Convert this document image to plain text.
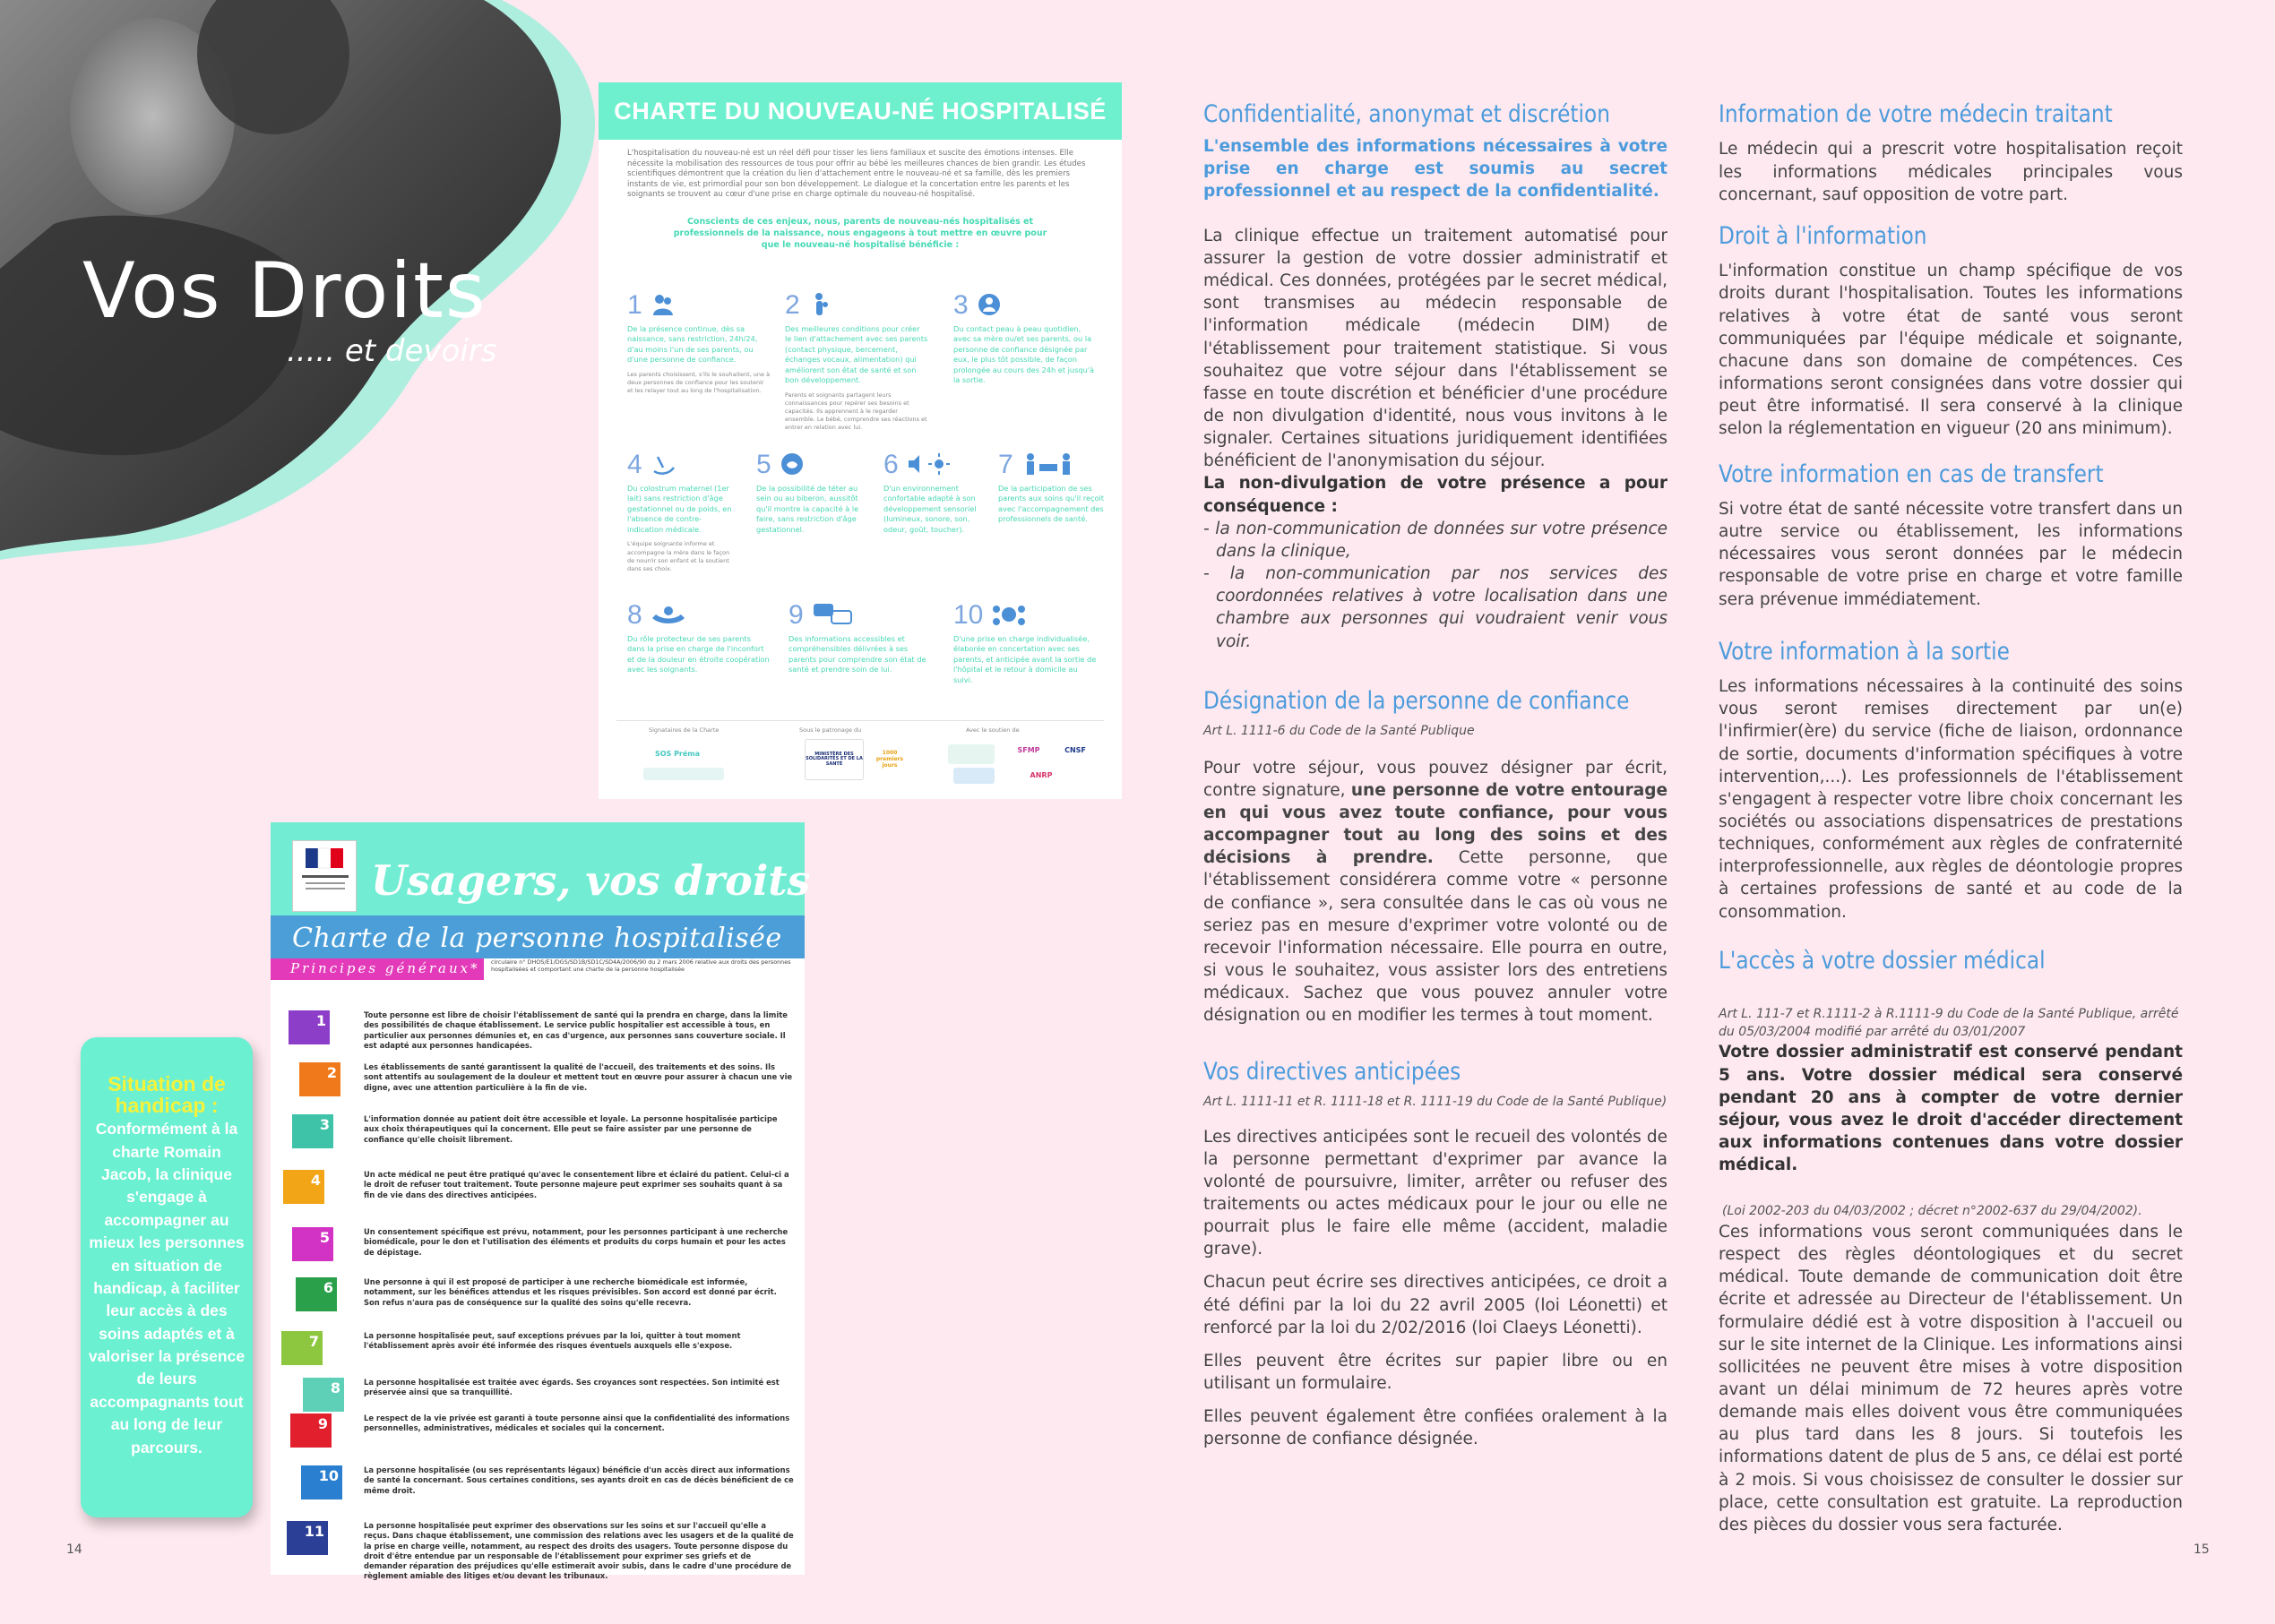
Vos Droits
..... et devoirs
CHARTE DU NOUVEAU-NÉ HOSPITALISÉ
L'hospitalisation du nouveau-né est un réel défi pour tisser les liens familiaux et suscite des émotions intenses. Elle nécessite la mobilisation des ressources de tous pour offrir au bébé les meilleures chances de bien grandir. Les études scientifiques démontrent que la création du lien d'attachement entre le nouveau-né et sa famille, dès les premiers instants de vie, est primordial pour son bon développement. Le dialogue et la concertation entre les parents et les soignants se trouvent au cœur d'une prise en charge optimale du nouveau-né hospitalisé.
Conscients de ces enjeux, nous, parents de nouveau-nés hospitalisés et professionnels de la naissance, nous engageons à tout mettre en œuvre pour que le nouveau-né hospitalisé bénéficie :
1
De la présence continue, dès sa naissance, sans restriction, 24h/24, d'au moins l'un de ses parents, ou d'une personne de confiance.
Les parents choisissent, s'ils le souhaitent, une à deux personnes de confiance pour les soutenir et les relayer tout au long de l'hospitalisation.
2
Des meilleures conditions pour créer le lien d'attachement avec ses parents (contact physique, bercement, échanges vocaux, alimentation) qui améliorent son état de santé et son bon développement.
Parents et soignants partagent leurs connaissances pour repérer ses besoins et capacités. Ils apprennent à le regarder ensemble. Le bébé, comprendre ses réactions et entrer en relation avec lui.
3
Du contact peau à peau quotidien, avec sa mère ou/et ses parents, ou la personne de confiance désignée par eux, le plus tôt possible, de façon prolongée au cours des 24h et jusqu'à la sortie.
4
Du colostrum maternel (1er lait) sans restriction d'âge gestationnel ou de poids, en l'absence de contre-indication médicale.
L'équipe soignante informe et accompagne la mère dans le façon de nourrir son enfant et la soutient dans ses choix.
5
De la possibilité de téter au sein ou au biberon, aussitôt qu'il montre la capacité à le faire, sans restriction d'âge gestationnel.
6
D'un environnement confortable adapté à son développement sensoriel (lumineux, sonore, son, odeur, goût, toucher).
7
De la participation de ses parents aux soins qu'il reçoit avec l'accompagnement des professionnels de santé.
8
Du rôle protecteur de ses parents dans la prise en charge de l'inconfort et de la douleur en étroite coopération avec les soignants.
9
Des informations accessibles et compréhensibles délivrées à ses parents pour comprendre son état de santé et prendre soin de lui.
10
D'une prise en charge individualisée, élaborée en concertation avec ses parents, et anticipée avant la sortie de l'hôpital et le retour à domicile au suivi.
Signataires de la Charte	Sous le patronage du	Avec le soutien de
SOS Préma	MINISTÈRE DES SOLIDARITÉS ET DE LA SANTÉ
1000 premiers jours
SFMP	CNSF
ANRP
Usagers, vos droits
Charte de la personne hospitalisée
Principes généraux* circulaire n° DHOS/E1/DGS/SD1B/SD1C/SD4A/2006/90 du 2 mars 2006 relative aux droits des personnes hospitalisées et comportant une charte de la personne hospitalisée
1	Toute personne est libre de choisir l'établissement de santé qui la prendra en charge, dans la limite des possibilités de chaque établissement. Le service public hospitalier est accessible à tous, en particulier aux personnes démunies et, en cas d'urgence, aux personnes sans couverture sociale. Il est adapté aux personnes handicapées.
2	Les établissements de santé garantissent la qualité de l'accueil, des traitements et des soins. Ils sont attentifs au soulagement de la douleur et mettent tout en œuvre pour assurer à chacun une vie digne, avec une attention particulière à la fin de vie.
3	L'information donnée au patient doit être accessible et loyale. La personne hospitalisée participe aux choix thérapeutiques qui la concernent. Elle peut se faire assister par une personne de confiance qu'elle choisit librement.
4	Un acte médical ne peut être pratiqué qu'avec le consentement libre et éclairé du patient. Celui-ci a le droit de refuser tout traitement. Toute personne majeure peut exprimer ses souhaits quant à sa fin de vie dans des directives anticipées.
5	Un consentement spécifique est prévu, notamment, pour les personnes participant à une recherche biomédicale, pour le don et l'utilisation des éléments et produits du corps humain et pour les actes de dépistage.
6	Une personne à qui il est proposé de participer à une recherche biomédicale est informée, notamment, sur les bénéfices attendus et les risques prévisibles. Son accord est donné par écrit. Son refus n'aura pas de conséquence sur la qualité des soins qu'elle recevra.
7	La personne hospitalisée peut, sauf exceptions prévues par la loi, quitter à tout moment l'établissement après avoir été informée des risques éventuels auxquels elle s'expose.
8	La personne hospitalisée est traitée avec égards. Ses croyances sont respectées. Son intimité est préservée ainsi que sa tranquillité.
9	Le respect de la vie privée est garanti à toute personne ainsi que la confidentialité des informations personnelles, administratives, médicales et sociales qui la concernent.
10	La personne hospitalisée (ou ses représentants légaux) bénéficie d'un accès direct aux informations de santé la concernant. Sous certaines conditions, ses ayants droit en cas de décès bénéficient de ce même droit.
11	La personne hospitalisée peut exprimer des observations sur les soins et sur l'accueil qu'elle a reçus. Dans chaque établissement, une commission des relations avec les usagers et de la qualité de la prise en charge veille, notamment, au respect des droits des usagers. Toute personne dispose du droit d'être entendue par un responsable de l'établissement pour exprimer ses griefs et de demander réparation des préjudices qu'elle estimerait avoir subis, dans le cadre d'une procédure de règlement amiable des litiges et/ou devant les tribunaux.
Situation de handicap :
Conformément à la charte Romain Jacob, la clinique s'engage à accompagner au mieux les personnes en situation de handicap, à faciliter leur accès à des soins adaptés et à valoriser la présence de leurs accompagnants tout au long de leur parcours.
14
Confidentialité, anonymat et discrétion
L'ensemble des informations nécessaires à votre prise en charge est soumis au secret professionnel et au respect de la confidentialité.
La clinique effectue un traitement automatisé pour assurer la gestion de votre dossier administratif et médical. Ces données, protégées par le secret médical, sont transmises au médecin responsable de l'information médicale (médecin DIM) de l'établissement pour traitement statistique. Si vous souhaitez que votre séjour dans l'établissement se fasse en toute discrétion et bénéficier d'une procédure de non divulgation d'identité, nous vous invitons à le signaler. Certaines situations juridiquement identifiées bénéficient de l'anonymisation du séjour.
La non-divulgation de votre présence a pour conséquence :
- la non-communication de données sur votre présence dans la clinique,
- la non-communication par nos services des coordonnées relatives à votre localisation dans une chambre aux personnes qui voudraient venir vous voir.
Désignation de la personne de confiance
Art L. 1111-6 du Code de la Santé Publique
Pour votre séjour, vous pouvez désigner par écrit, contre signature, une personne de votre entourage en qui vous avez toute confiance, pour vous accompagner tout au long des soins et des décisions à prendre. Cette personne, que l'établissement considérera comme votre « personne de confiance », sera consultée dans le cas où vous ne seriez pas en mesure d'exprimer votre volonté ou de recevoir l'information nécessaire. Elle pourra en outre, si vous le souhaitez, vous assister lors des entretiens médicaux. Sachez que vous pouvez annuler votre désignation ou en modifier les termes à tout moment.
Vos directives anticipées
Art L. 1111-11 et R. 1111-18 et R. 1111-19 du Code de la Santé Publique)
Les directives anticipées sont le recueil des volontés de la personne permettant d'exprimer par avance la volonté de poursuivre, limiter, arrêter ou refuser des traitements ou actes médicaux pour le jour ou elle ne pourrait plus le faire elle même (accident, maladie grave).
Chacun peut écrire ses directives anticipées, ce droit a été défini par la loi du 22 avril 2005 (loi Léonetti) et renforcé par la loi du 2/02/2016 (loi Claeys Léonetti).
Elles peuvent être écrites sur papier libre ou en utilisant un formulaire.
Elles peuvent également être confiées oralement à la personne de confiance désignée.
Information de votre médecin traitant
Le médecin qui a prescrit votre hospitalisation reçoit les informations médicales principales vous concernant, sauf opposition de votre part.
Droit à l'information
L'information constitue un champ spécifique de vos droits durant l'hospitalisation. Toutes les informations relatives à votre état de santé vous seront communiquées par l'équipe médicale et soignante, chacune dans son domaine de compétences. Ces informations seront consignées dans votre dossier qui peut être informatisé. Il sera conservé à la clinique selon la réglementation en vigueur (20 ans minimum).
Votre information en cas de transfert
Si votre état de santé nécessite votre transfert dans un autre service ou établissement, les informations nécessaires vous seront données par le médecin responsable de votre prise en charge et votre famille sera prévenue immédiatement.
Votre information à la sortie
Les informations nécessaires à la continuité des soins vous seront remises directement par un(e) l'infirmier(ère) du service (fiche de liaison, ordonnance de sortie, documents d'information spécifiques à votre intervention,...). Les professionnels de l'établissement s'engagent à respecter votre libre choix concernant les sociétés ou associations dispensatrices de prestations techniques, conformément aux règles de confraternité interprofessionnelle, aux règles de déontologie propres à certaines professions de santé et au code de la consommation.
L'accès à votre dossier médical
Art L. 111-7 et R.1111-2 à R.1111-9 du Code de la Santé Publique, arrêté du 05/03/2004 modifié par arrêté du 03/01/2007
Votre dossier administratif est conservé pendant 5 ans. Votre dossier médical sera conservé pendant 20 ans à compter de votre dernier séjour, vous avez le droit d'accéder directement aux informations contenues dans votre dossier médical.
(Loi 2002-203 du 04/03/2002 ; décret n°2002-637 du 29/04/2002).
Ces informations vous seront communiquées dans le respect des règles déontologiques et du secret médical. Toute demande de communication doit être écrite et adressée au Directeur de l'établissement. Un formulaire dédié est à votre disposition à l'accueil ou sur le site internet de la Clinique. Les informations ainsi sollicitées ne peuvent être mises à votre disposition avant un délai minimum de 72 heures après votre demande mais elles doivent vous être communiquées au plus tard dans les 8 jours. Si toutefois les informations datent de plus de 5 ans, ce délai est porté à 2 mois. Si vous choisissez de consulter le dossier sur place, cette consultation est gratuite. La reproduction des pièces du dossier vous sera facturée.
15
